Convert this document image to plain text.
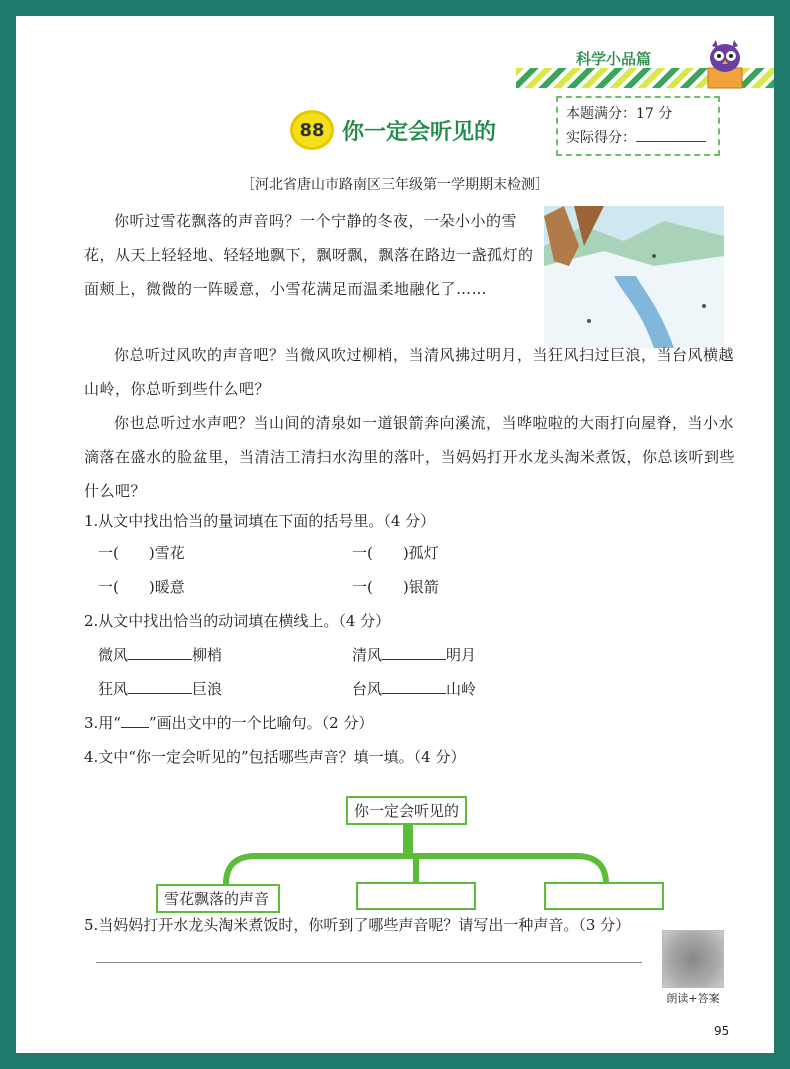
科学小品篇
88 你一定会听见的
本题满分：17 分
实际得分：
［河北省唐山市路南区三年级第一学期期末检测］
你听过雪花飘落的声音吗？一个宁静的冬夜，一朵小小的雪花，从天上轻轻地、轻轻地飘下，飘呀飘，飘落在路边一盏孤灯的面颊上，微微的一阵暖意，小雪花满足而温柔地融化了……
你总听过风吹的声音吧？当微风吹过柳梢，当清风拂过明月，当狂风扫过巨浪，当台风横越山岭，你总听到些什么吧？
你也总听过水声吧？当山间的清泉如一道银箭奔向溪流，当哗啦啦的大雨打向屋脊，当小水滴落在盛水的脸盆里，当清洁工清扫水沟里的落叶，当妈妈打开水龙头淘米煮饭，你总该听到些什么吧？
1.从文中找出恰当的量词填在下面的括号里。（4 分）
一(　　)雪花	一(　　)孤灯
一(　　)暖意	一(　　)银箭
2.从文中找出恰当的动词填在横线上。（4 分）
微风	柳梢	清风	明月
狂风	巨浪	台风	山岭
3.用“ ”画出文中的一个比喻句。（2 分）
4.文中“你一定会听见的”包括哪些声音？填一填。（4 分）
你一定会听见的
雪花飘落的声音
5.当妈妈打开水龙头淘米煮饭时，你听到了哪些声音呢？请写出一种声音。（3 分）
朗读+答案
95
